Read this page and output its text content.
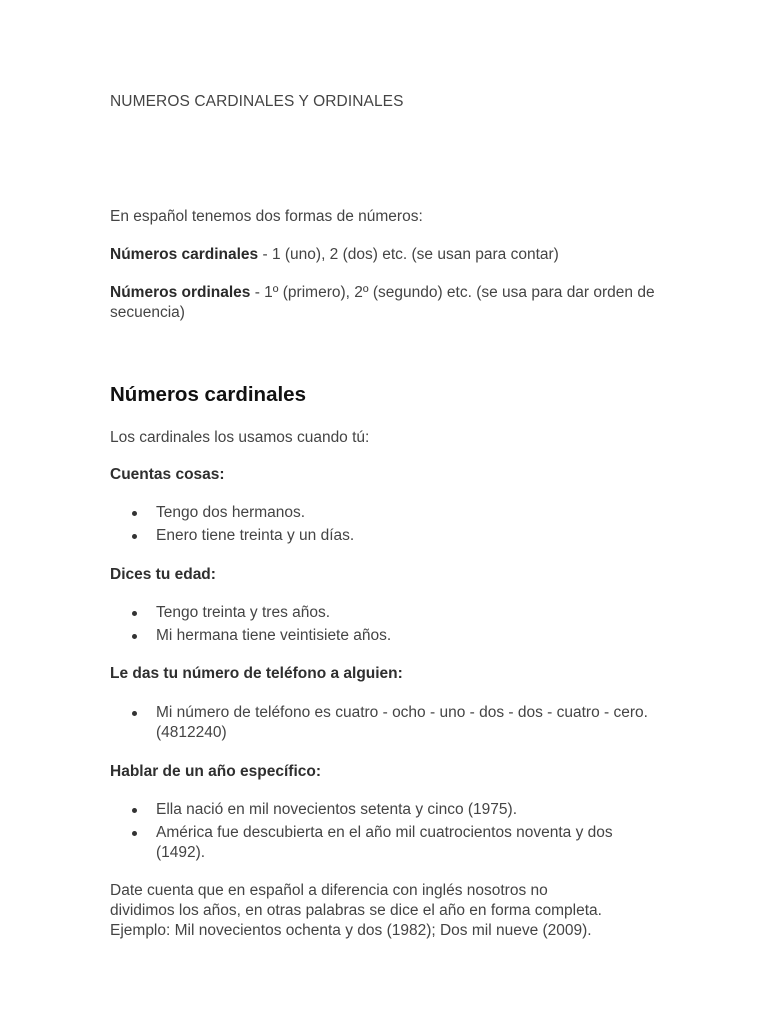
NUMEROS CARDINALES Y ORDINALES
En español tenemos dos formas de números:
Números cardinales - 1 (uno), 2 (dos) etc. (se usan para contar)
Números ordinales - 1º (primero), 2º (segundo) etc. (se usa para dar orden de secuencia)
Números cardinales
Los cardinales los usamos cuando tú:
Cuentas cosas:
Tengo dos hermanos.
Enero tiene treinta y un días.
Dices tu edad:
Tengo treinta y tres años.
Mi hermana tiene veintisiete años.
Le das tu número de teléfono a alguien:
Mi número de teléfono es cuatro - ocho - uno - dos - dos - cuatro - cero. (4812240)
Hablar de un año específico:
Ella nació en mil novecientos setenta y cinco (1975).
América fue descubierta en el año mil cuatrocientos noventa y dos (1492).
Date cuenta que en español a diferencia con inglés nosotros no dividimos los años, en otras palabras se dice el año en forma completa. Ejemplo: Mil novecientos ochenta y dos (1982); Dos mil nueve (2009).
